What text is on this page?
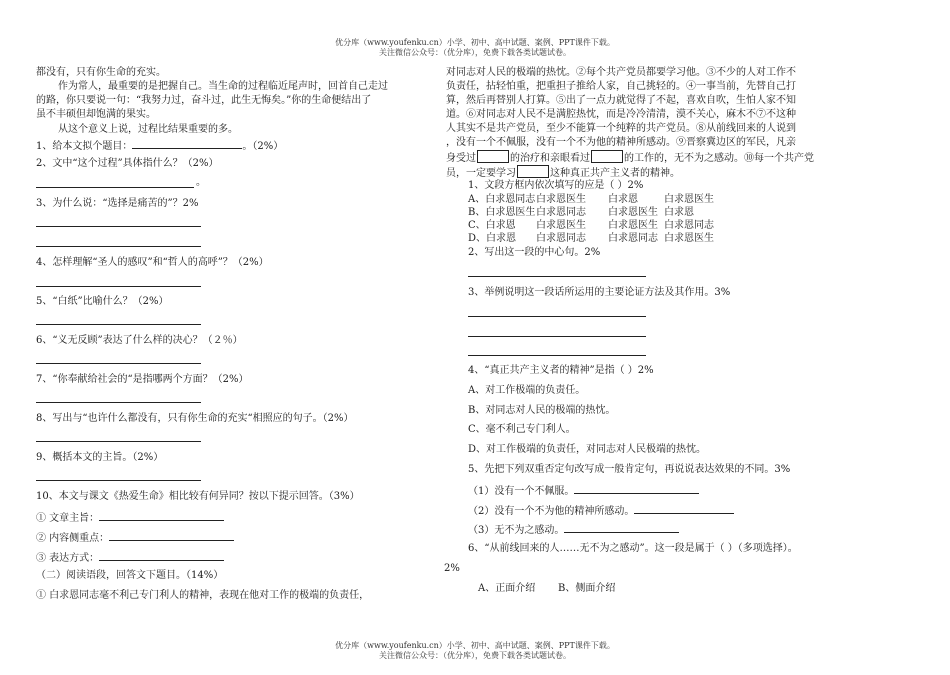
优分库（www.youfenku.cn）小学、初中、高中试题、案例、PPT课件下载。
关注微信公众号：（优分库），免费下载各类试题试卷。
都没有，只有你生命的充实。
作为常人，最重要的是把握自己。当生命的过程临近尾声时，回首自己走过
的路，你只要说一句：“我努力过，奋斗过，此生无悔矣。”你的生命便结出了
虽不丰硕但却饱满的果实。
从这个意义上说，过程比结果重要的多。
1、给本文拟个题目：	。（2%）
2、文中“这个过程”具体指什么？（2%）
。
3、为什么说：“选择是痛苦的”？2%
4、怎样理解“圣人的感叹”和“哲人的高呼”？（2%）
5、“白纸”比喻什么？（2%）
6、“义无反顾”表达了什么样的决心？（２％）
7、“你奉献给社会的“是指哪两个方面？（2%）
8、写出与“也许什么都没有，只有你生命的充实“相照应的句子。（2%）
9、概括本文的主旨。（2%）
10、本文与课文《热爱生命》相比较有何异同？按以下提示回答。（3%）
① 文章主旨：
② 内容侧重点：
③ 表达方式：
（二）阅读语段，回答文下题目。（14%）
① 白求恩同志毫不利己专门利人的精神，表现在他对工作的极端的负责任，
对同志对人民的极端的热忱。②每个共产党员都要学习他。③不少的人对工作不
负责任，拈轻怕重，把重担子推给人家，自己挑轻的。④一事当前，先替自己打
算，然后再替别人打算。⑤出了一点力就觉得了不起，喜欢自吹，生怕人家不知
道。⑥对同志对人民不是满腔热忱，而是冷冷清清，漠不关心，麻木不⑦不这种
人其实不是共产党员，至少不能算一个纯粹的共产党员。⑧从前线回来的人说到
，没有一个不佩服，没有一个不为他的精神所感动。⑨晋察冀边区的军民，凡亲
身受过	的治疗和亲眼看过	的工作的，无不为之感动。⑩每一个共产党
员，一定要学习	这种真正共产主义者的精神。
1、文段方框内依次填写的应是（ ）2%
A、白求恩同志 白求恩医生 白求恩	白求恩医生
B、白求恩医生 白求恩同志 白求恩医生 白求恩
C、白求恩 白求恩医生 白求恩医生 白求恩同志
D、白求恩 白求恩同志 白求恩同志 白求恩医生
2、写出这一段的中心句。2%
3、举例说明这一段话所运用的主要论证方法及其作用。3%
4、“真正共产主义者的精神”是指（ ）2%
A、对工作极端的负责任。
B、对同志对人民的极端的热忱。
C、毫不利己专门利人。
D、对工作极端的负责任，对同志对人民极端的热忱。
5、先把下列双重否定句改写成一般肯定句，再说说表达效果的不同。3%
（1）没有一个不佩服。
（2）没有一个不为他的精神所感动。
（3）无不为之感动。
6、“从前线回来的人……无不为之感动”。这一段是属于（ ）（多项选择）。
2%
A、正面介绍 B、侧面介绍
优分库（www.youfenku.cn）小学、初中、高中试题、案例、PPT课件下载。
关注微信公众号：（优分库），免费下载各类试题试卷。
